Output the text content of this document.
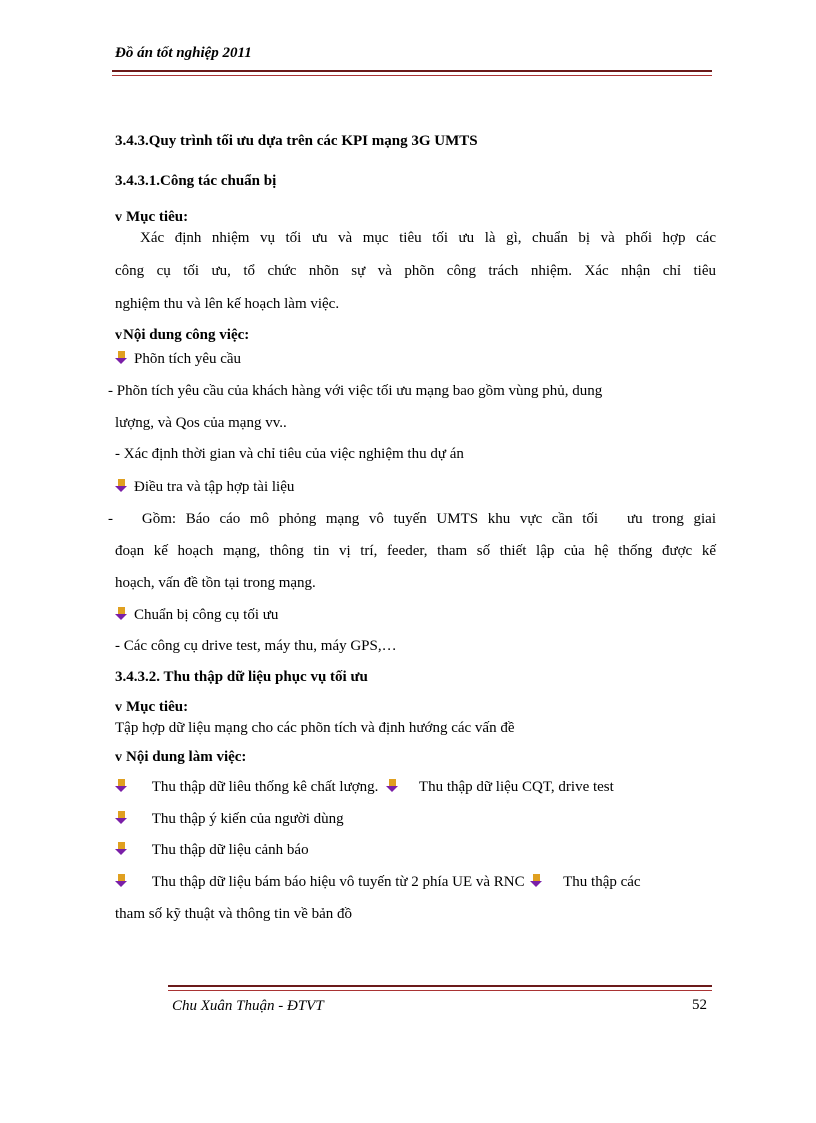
Đồ án tốt nghiệp 2011
3.4.3.Quy trình tối ưu dựa trên các KPI mạng 3G UMTS
3.4.3.1.Công tác chuẩn bị
v Mục tiêu:
Xác định nhiệm vụ tối ưu và mục tiêu tối ưu là gì, chuẩn bị và phối hợp các
công cụ tối ưu, tổ chức nhõn sự và phõn công trách nhiệm. Xác nhận chỉ tiêu
nghiệm thu và lên kế hoạch làm việc.
vNội dung công việc:
Phõn tích yêu cầu
- Phõn tích yêu cầu của khách hàng với việc tối ưu mạng bao gồm vùng phủ, dung
lượng, và Qos của mạng vv..
- Xác định thời gian và chỉ tiêu của việc nghiệm thu dự án
Điều tra và tập hợp tài liệu
-   Gồm: Báo cáo mô phỏng mạng vô tuyến UMTS khu vực cần tối   ưu trong giai
đoạn kế hoạch mạng, thông tin vị trí, feeder, tham số thiết lập của hệ thống được kế
hoạch, vấn đề tồn tại trong mạng.
Chuẩn bị công cụ tối ưu
- Các công cụ drive test, máy thu, máy GPS,…
3.4.3.2. Thu thập dữ liệu phục vụ tối ưu
v Mục tiêu:
Tập hợp dữ liệu mạng cho các phõn tích và định hướng các vấn đề
v Nội dung làm việc:
Thu thập dữ liêu thống kê chất lượng.	Thu thập dữ liệu CQT, drive test
Thu thập ý kiến của người dùng
Thu thập dữ liệu cảnh báo
Thu thập dữ liệu bám báo hiệu vô tuyến từ 2 phía UE và RNC	Thu thập các
tham số kỹ thuật và thông tin về bản đồ
Chu Xuân Thuận - ĐTVT	52
